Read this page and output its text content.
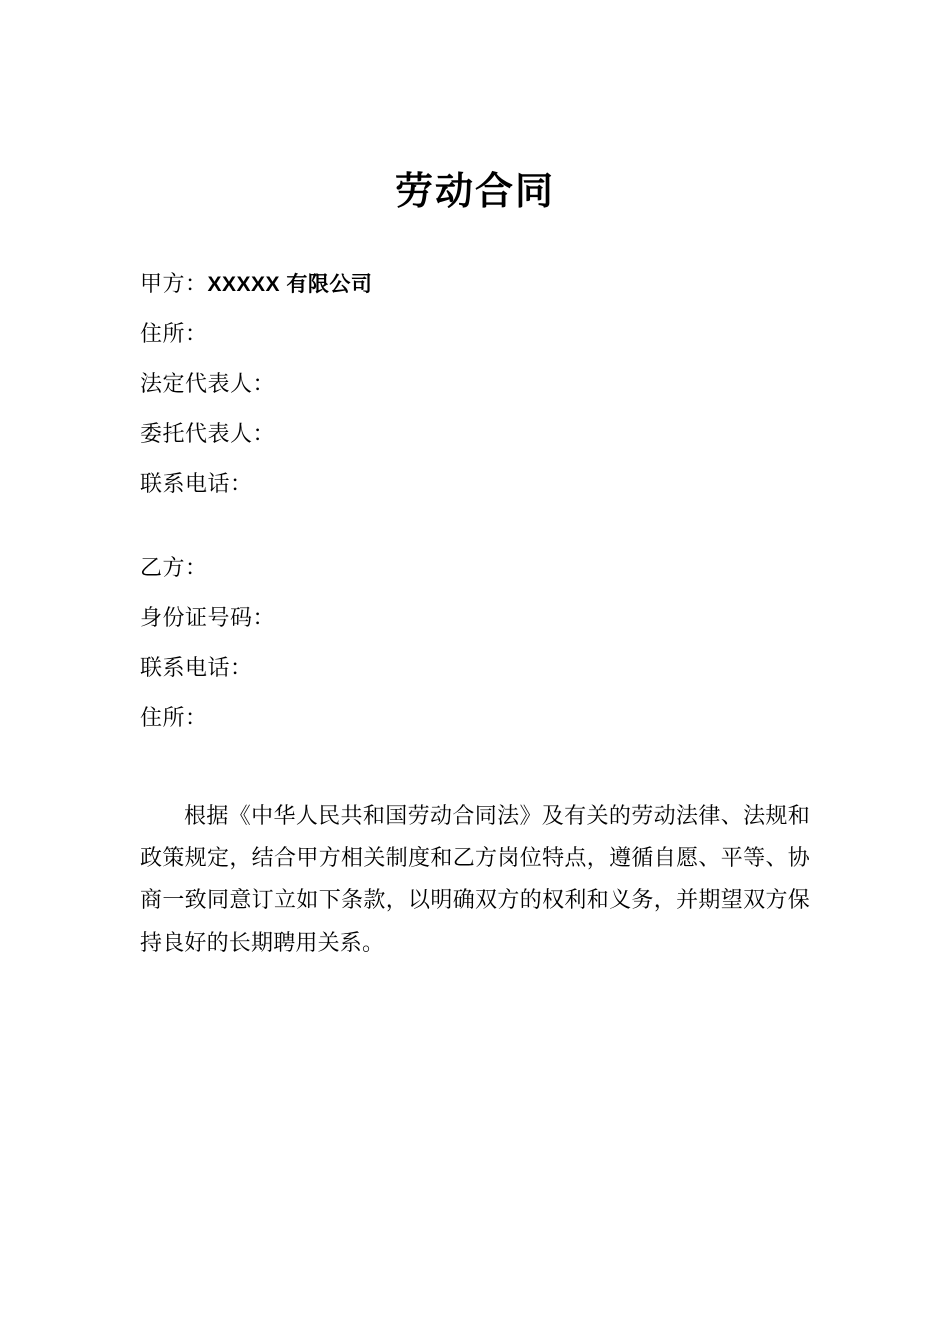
劳动合同

甲方：XXXXX 有限公司

住所：

法定代表人：

委托代表人：

联系电话：

乙方：

身份证号码：

联系电话：

住所：

根据《中华人民共和国劳动合同法》及有关的劳动法律、法规和政策规定，结合甲方相关制度和乙方岗位特点，遵循自愿、平等、协商一致同意订立如下条款，以明确双方的权利和义务，并期望双方保持良好的长期聘用关系。
